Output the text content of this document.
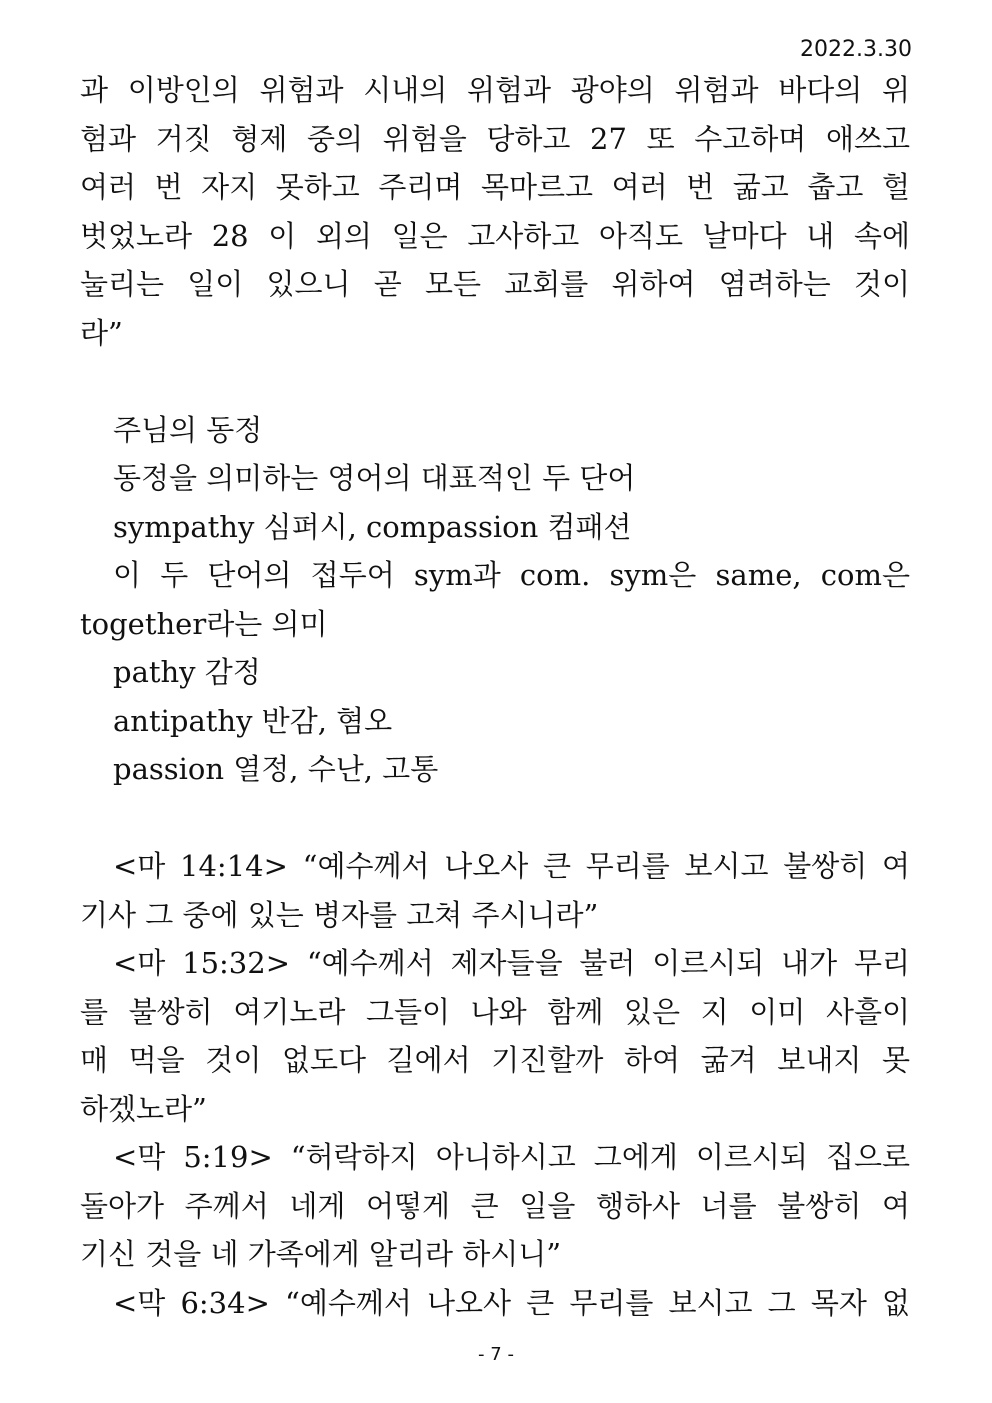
2022.3.30
과 이방인의 위험과 시내의 위험과 광야의 위험과 바다의 위
험과 거짓 형제 중의 위험을 당하고 27 또 수고하며 애쓰고
여러 번 자지 못하고 주리며 목마르고 여러 번 굶고 춥고 헐
벗었노라 28 이 외의 일은 고사하고 아직도 날마다 내 속에
눌리는 일이 있으니 곧 모든 교회를 위하여 염려하는 것이
라”
주님의 동정
동정을 의미하는 영어의 대표적인 두 단어
sympathy 심퍼시, compassion 컴패션
이 두 단어의 접두어 sym과 com. sym은 same, com은
together라는 의미
pathy 감정
antipathy 반감, 혐오
passion 열정, 수난, 고통
<마 14:14> “예수께서 나오사 큰 무리를 보시고 불쌍히 여
기사 그 중에 있는 병자를 고쳐 주시니라”
<마 15:32> “예수께서 제자들을 불러 이르시되 내가 무리
를 불쌍히 여기노라 그들이 나와 함께 있은 지 이미 사흘이
매 먹을 것이 없도다 길에서 기진할까 하여 굶겨 보내지 못
하겠노라”
<막 5:19> “허락하지 아니하시고 그에게 이르시되 집으로
돌아가 주께서 네게 어떻게 큰 일을 행하사 너를 불쌍히 여
기신 것을 네 가족에게 알리라 하시니”
<막 6:34> “예수께서 나오사 큰 무리를 보시고 그 목자 없
- 7 -
